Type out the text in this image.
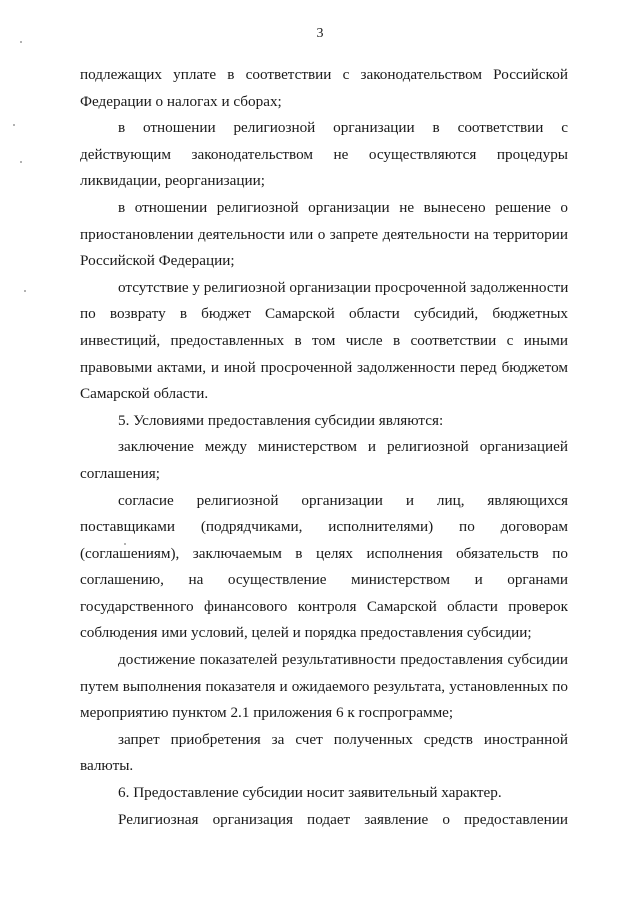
3

подлежащих уплате в соответствии с законодательством Российской
Федерации о налогах и сборах;

в отношении религиозной организации в соответствии с
действующим законодательством не осуществляются процедуры
ликвидации, реорганизации;

в отношении религиозной организации не вынесено решение о
приостановлении деятельности или о запрете деятельности на территории
Российской Федерации;

отсутствие у религиозной организации просроченной задолженности
по возврату в бюджет Самарской области субсидий, бюджетных
инвестиций, предоставленных в том числе в соответствии с иными
правовыми актами, и иной просроченной задолженности перед бюджетом
Самарской области.

5. Условиями предоставления субсидии являются:

заключение между министерством и религиозной организацией
соглашения;

согласие религиозной организации и лиц, являющихся
поставщиками (подрядчиками, исполнителями) по договорам
(соглашениям), заключаемым в целях исполнения обязательств по
соглашению, на осуществление министерством и органами
государственного финансового контроля Самарской области проверок
соблюдения ими условий, целей и порядка предоставления субсидии;

достижение показателей результативности предоставления субсидии
путем выполнения показателя и ожидаемого результата, установленных по
мероприятию пунктом 2.1 приложения 6 к госпрограмме;

запрет приобретения за счет полученных средств иностранной
валюты.

6. Предоставление субсидии носит заявительный характер.

Религиозная организация подает заявление о предоставлении
